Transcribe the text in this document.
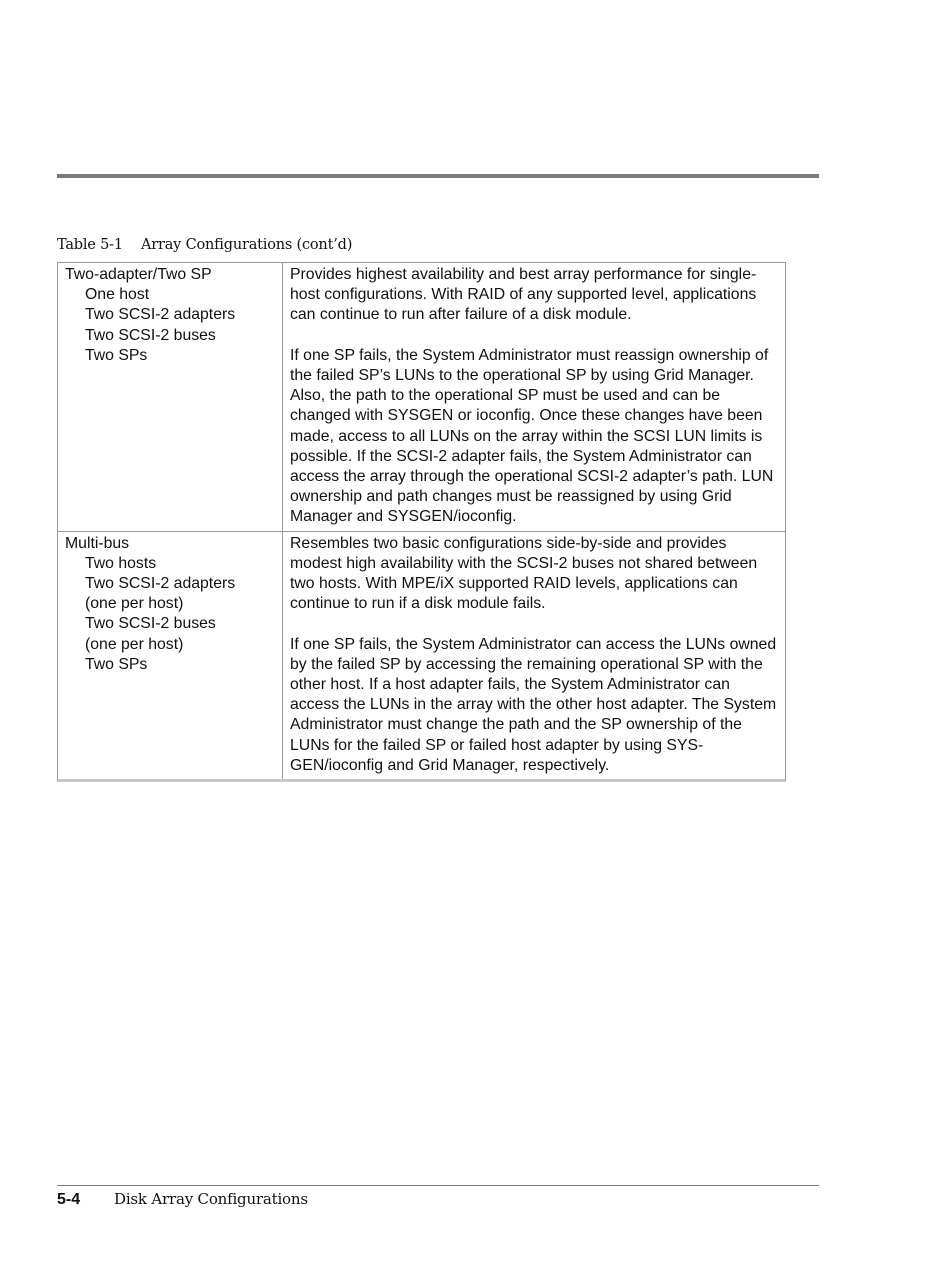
Table 5-1 Array Configurations (cont’d)
Two-adapter/Two SP
One host
Two SCSI-2 adapters
Two SCSI-2 buses
Two SPs

Provides highest availability and best array performance for single-host configurations. With RAID of any supported level, applications can continue to run after failure of a disk module.

If one SP fails, the System Administrator must reassign ownership of the failed SP’s LUNs to the operational SP by using Grid Manager. Also, the path to the operational SP must be used and can be changed with SYSGEN or ioconfig. Once these changes have been made, access to all LUNs on the array within the SCSI LUN limits is possible. If the SCSI-2 adapter fails, the System Administrator can access the array through the operational SCSI-2 adapter’s path. LUN ownership and path changes must be reassigned by using Grid Manager and SYSGEN/ioconfig.

Multi-bus
Two hosts
Two SCSI-2 adapters
(one per host)
Two SCSI-2 buses
(one per host)
Two SPs

Resembles two basic configurations side-by-side and provides modest high availability with the SCSI-2 buses not shared between two hosts. With MPE/iX supported RAID levels, applications can continue to run if a disk module fails.

If one SP fails, the System Administrator can access the LUNs owned by the failed SP by accessing the remaining operational SP with the other host. If a host adapter fails, the System Administrator can access the LUNs in the array with the other host adapter. The System Administrator must change the path and the SP ownership of the LUNs for the failed SP or failed host adapter by using SYS-GEN/ioconfig and Grid Manager, respectively.

5-4 Disk Array Configurations
